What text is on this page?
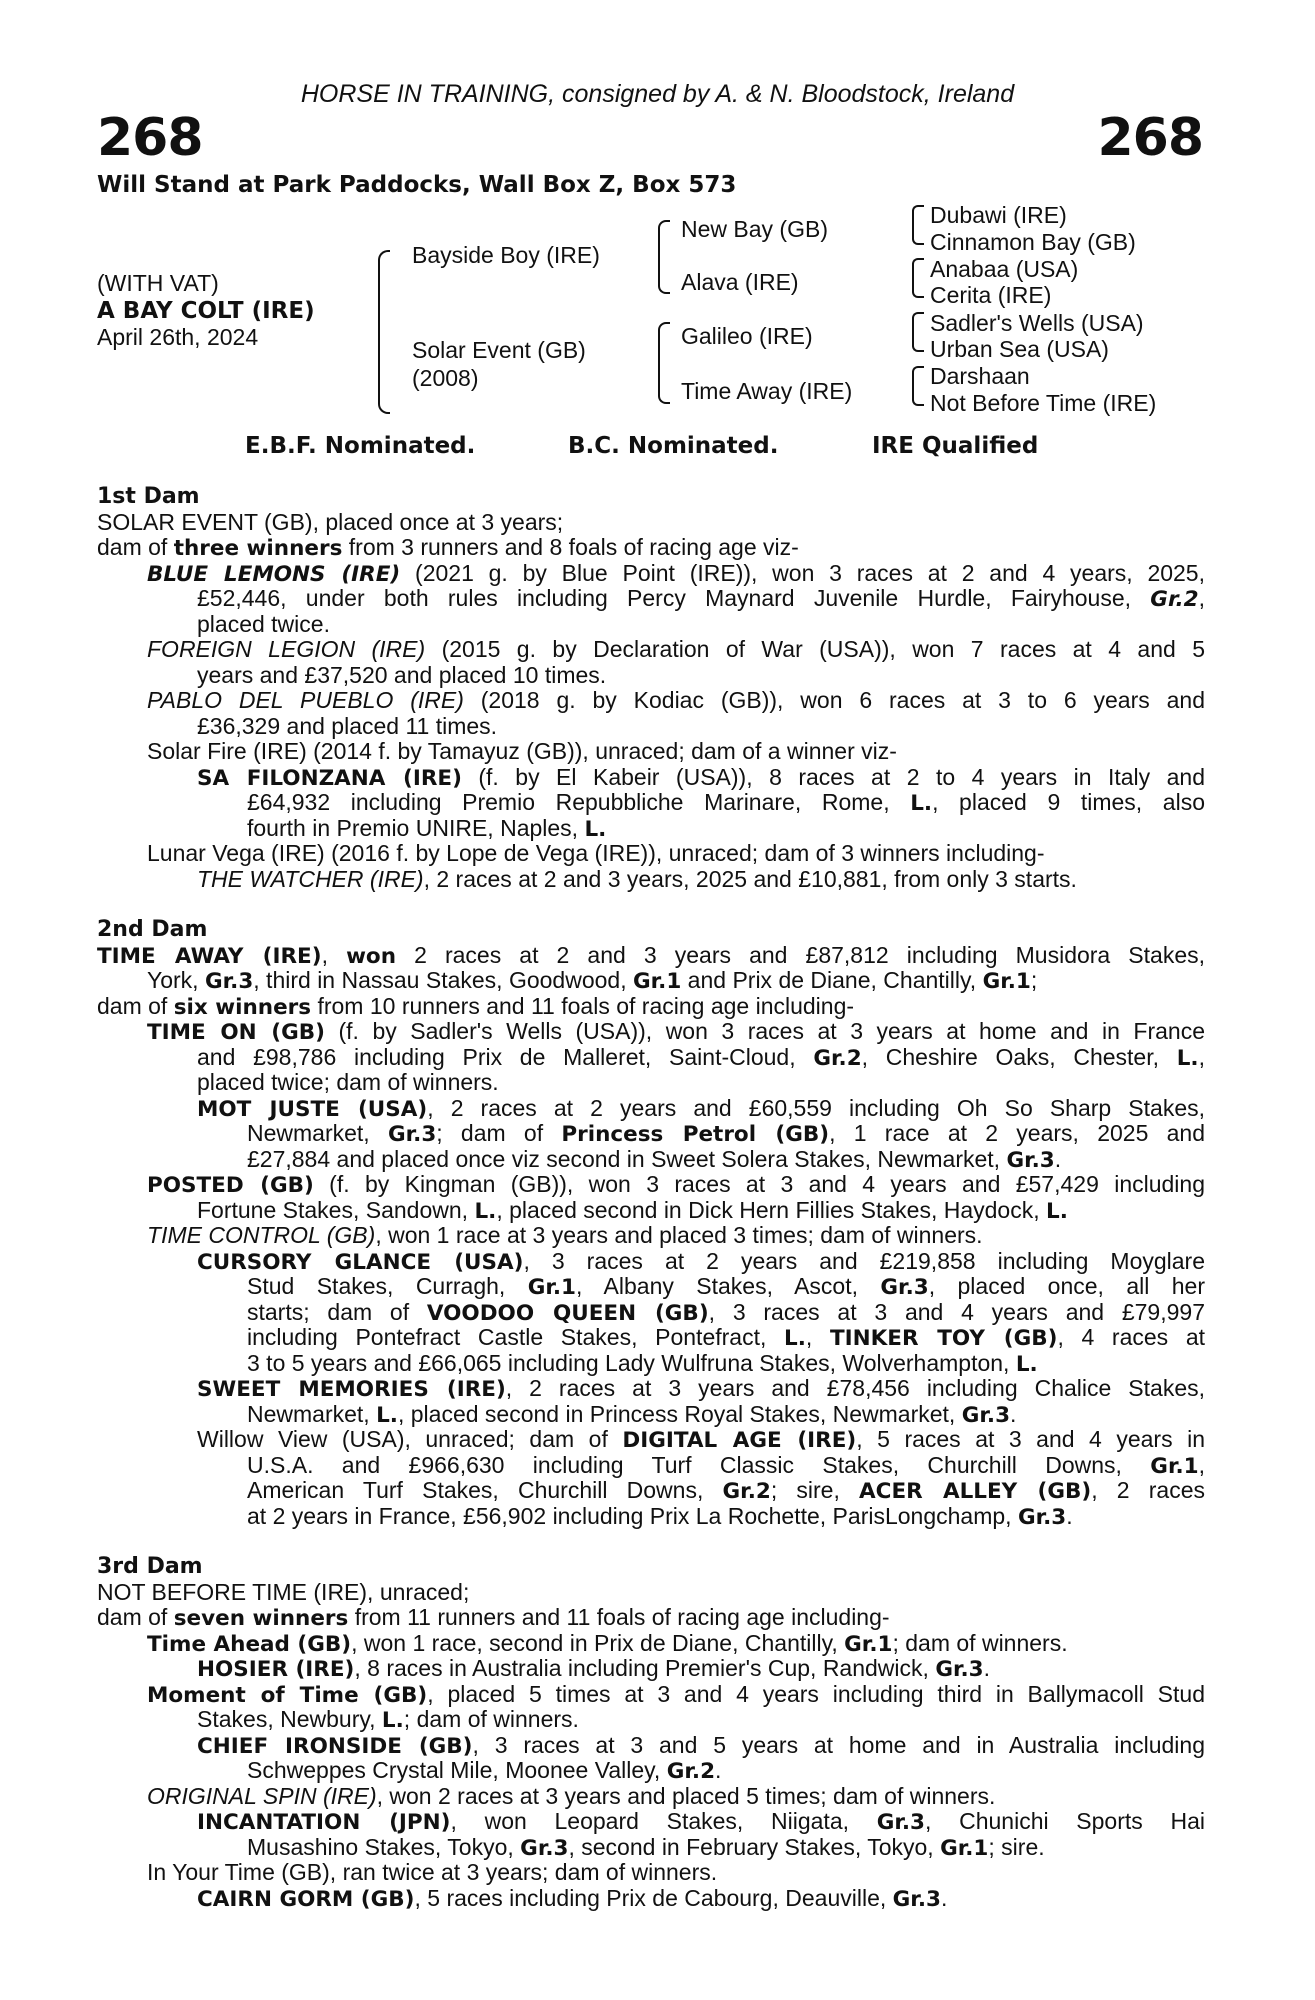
HORSE IN TRAINING, consigned by A. & N. Bloodstock, Ireland
268	268
Will Stand at Park Paddocks, Wall Box Z, Box 573
(WITH VAT)
A BAY COLT (IRE)
April 26th, 2024
Bayside Boy (IRE)
Solar Event (GB)
(2008)
New Bay (GB)
Alava (IRE)
Galileo (IRE)
Time Away (IRE)
Dubawi (IRE)
Cinnamon Bay (GB)
Anabaa (USA)
Cerita (IRE)
Sadler's Wells (USA)
Urban Sea (USA)
Darshaan
Not Before Time (IRE)
E.B.F. Nominated.	B.C. Nominated.	IRE Qualified
1st Dam
SOLAR EVENT (GB), placed once at 3 years;
dam of three winners from 3 runners and 8 foals of racing age viz-
BLUE LEMONS (IRE) (2021 g. by Blue Point (IRE)), won 3 races at 2 and 4 years, 2025,
£52,446, under both rules including Percy Maynard Juvenile Hurdle, Fairyhouse, Gr.2,
placed twice.
FOREIGN LEGION (IRE) (2015 g. by Declaration of War (USA)), won 7 races at 4 and 5
years and £37,520 and placed 10 times.
PABLO DEL PUEBLO (IRE) (2018 g. by Kodiac (GB)), won 6 races at 3 to 6 years and
£36,329 and placed 11 times.
Solar Fire (IRE) (2014 f. by Tamayuz (GB)), unraced; dam of a winner viz-
SA FILONZANA (IRE) (f. by El Kabeir (USA)), 8 races at 2 to 4 years in Italy and
£64,932 including Premio Repubbliche Marinare, Rome, L., placed 9 times, also
fourth in Premio UNIRE, Naples, L.
Lunar Vega (IRE) (2016 f. by Lope de Vega (IRE)), unraced; dam of 3 winners including-
THE WATCHER (IRE), 2 races at 2 and 3 years, 2025 and £10,881, from only 3 starts.
2nd Dam
TIME AWAY (IRE), won 2 races at 2 and 3 years and £87,812 including Musidora Stakes,
York, Gr.3, third in Nassau Stakes, Goodwood, Gr.1 and Prix de Diane, Chantilly, Gr.1;
dam of six winners from 10 runners and 11 foals of racing age including-
TIME ON (GB) (f. by Sadler's Wells (USA)), won 3 races at 3 years at home and in France
and £98,786 including Prix de Malleret, Saint-Cloud, Gr.2, Cheshire Oaks, Chester, L.,
placed twice; dam of winners.
MOT JUSTE (USA), 2 races at 2 years and £60,559 including Oh So Sharp Stakes,
Newmarket, Gr.3; dam of Princess Petrol (GB), 1 race at 2 years, 2025 and
£27,884 and placed once viz second in Sweet Solera Stakes, Newmarket, Gr.3.
POSTED (GB) (f. by Kingman (GB)), won 3 races at 3 and 4 years and £57,429 including
Fortune Stakes, Sandown, L., placed second in Dick Hern Fillies Stakes, Haydock, L.
TIME CONTROL (GB), won 1 race at 3 years and placed 3 times; dam of winners.
CURSORY GLANCE (USA), 3 races at 2 years and £219,858 including Moyglare
Stud Stakes, Curragh, Gr.1, Albany Stakes, Ascot, Gr.3, placed once, all her
starts; dam of VOODOO QUEEN (GB), 3 races at 3 and 4 years and £79,997
including Pontefract Castle Stakes, Pontefract, L., TINKER TOY (GB), 4 races at
3 to 5 years and £66,065 including Lady Wulfruna Stakes, Wolverhampton, L.
SWEET MEMORIES (IRE), 2 races at 3 years and £78,456 including Chalice Stakes,
Newmarket, L., placed second in Princess Royal Stakes, Newmarket, Gr.3.
Willow View (USA), unraced; dam of DIGITAL AGE (IRE), 5 races at 3 and 4 years in
U.S.A. and £966,630 including Turf Classic Stakes, Churchill Downs, Gr.1,
American Turf Stakes, Churchill Downs, Gr.2; sire, ACER ALLEY (GB), 2 races
at 2 years in France, £56,902 including Prix La Rochette, ParisLongchamp, Gr.3.
3rd Dam
NOT BEFORE TIME (IRE), unraced;
dam of seven winners from 11 runners and 11 foals of racing age including-
Time Ahead (GB), won 1 race, second in Prix de Diane, Chantilly, Gr.1; dam of winners.
HOSIER (IRE), 8 races in Australia including Premier's Cup, Randwick, Gr.3.
Moment of Time (GB), placed 5 times at 3 and 4 years including third in Ballymacoll Stud
Stakes, Newbury, L.; dam of winners.
CHIEF IRONSIDE (GB), 3 races at 3 and 5 years at home and in Australia including
Schweppes Crystal Mile, Moonee Valley, Gr.2.
ORIGINAL SPIN (IRE), won 2 races at 3 years and placed 5 times; dam of winners.
INCANTATION (JPN), won Leopard Stakes, Niigata, Gr.3, Chunichi Sports Hai
Musashino Stakes, Tokyo, Gr.3, second in February Stakes, Tokyo, Gr.1; sire.
In Your Time (GB), ran twice at 3 years; dam of winners.
CAIRN GORM (GB), 5 races including Prix de Cabourg, Deauville, Gr.3.
